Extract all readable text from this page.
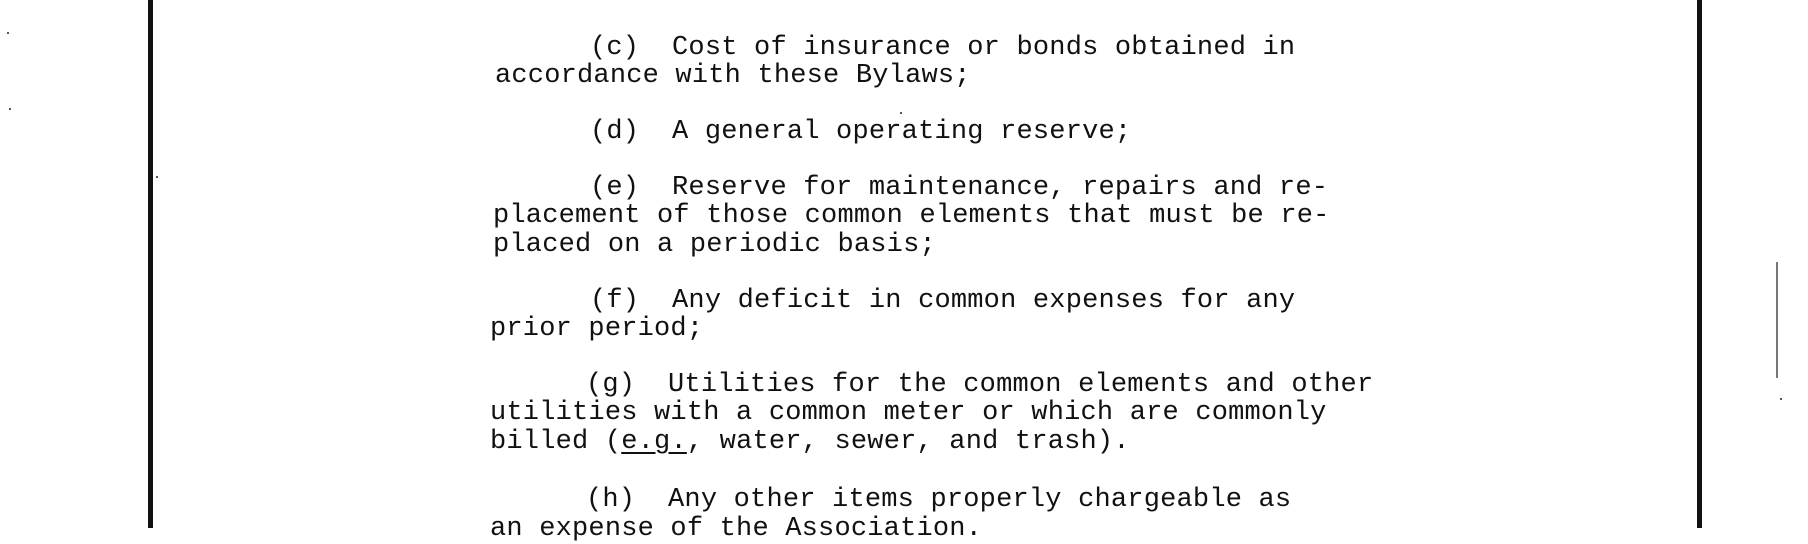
(c) Cost of insurance or bonds obtained in
accordance with these Bylaws;
(d) A general operating reserve;
(e) Reserve for maintenance, repairs and re-
placement of those common elements that must be re-
placed on a periodic basis;
(f) Any deficit in common expenses for any
prior period;
(g) Utilities for the common elements and other
utilities with a common meter or which are commonly
billed (e.g., water, sewer, and trash).
(h) Any other items properly chargeable as
an expense of the Association.
